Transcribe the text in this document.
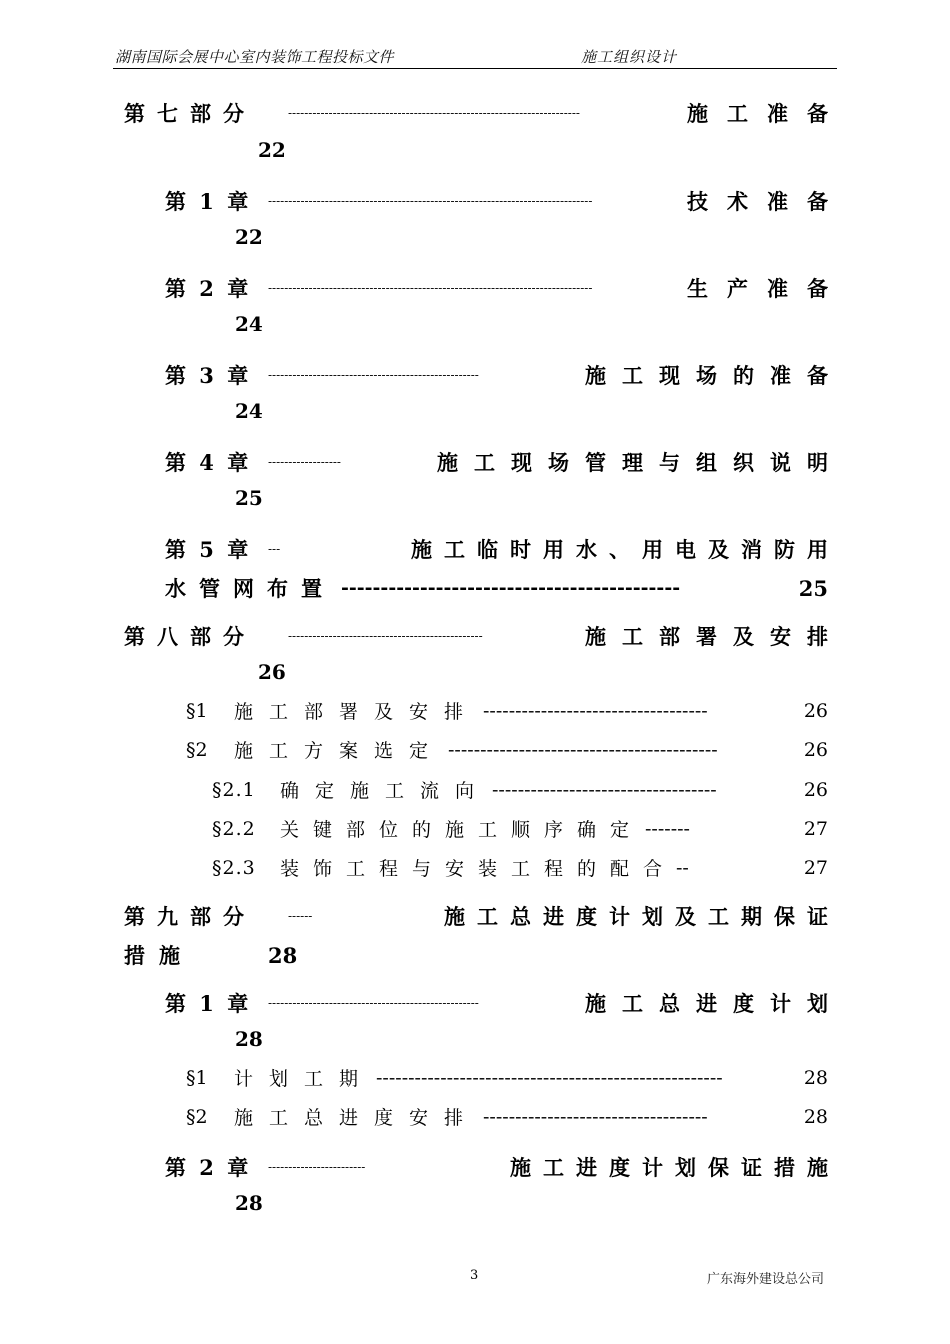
湖南国际会展中心室内装饰工程投标文件	施工组织设计
第七部分	------------------------------------------------------------------------	施工准备
22
第 1 章	--------------------------------------------------------------------------------	技术准备
22
第 2 章	--------------------------------------------------------------------------------	生产准备
24
第 3 章	----------------------------------------------------	施工现场的准备
24
第 4 章	------------------	施工现场管理与组织说明
25
第 5 章	---	施工临时用水、用电及消防用
水管网布置 -------------------------------------------	25
第八部分	------------------------------------------------	施工部署及安排
26
§1	施工部署及安排 -----------------------------------	26
§2	施工方案选定 ------------------------------------------	26
§2.1	确定施工流向 -----------------------------------	26
§2.2	关键部位的施工顺序确定 -------	27
§2.3	装饰工程与安装工程的配合 --	27
第九部分	------	施工总进度计划及工期保证
措施	28
第 1 章	----------------------------------------------------	施工总进度计划
28
§1	计划工期 ------------------------------------------------------	28
§2	施工总进度安排 -----------------------------------	28
第 2 章	------------------------	施工进度计划保证措施
28
3	广东海外建设总公司
